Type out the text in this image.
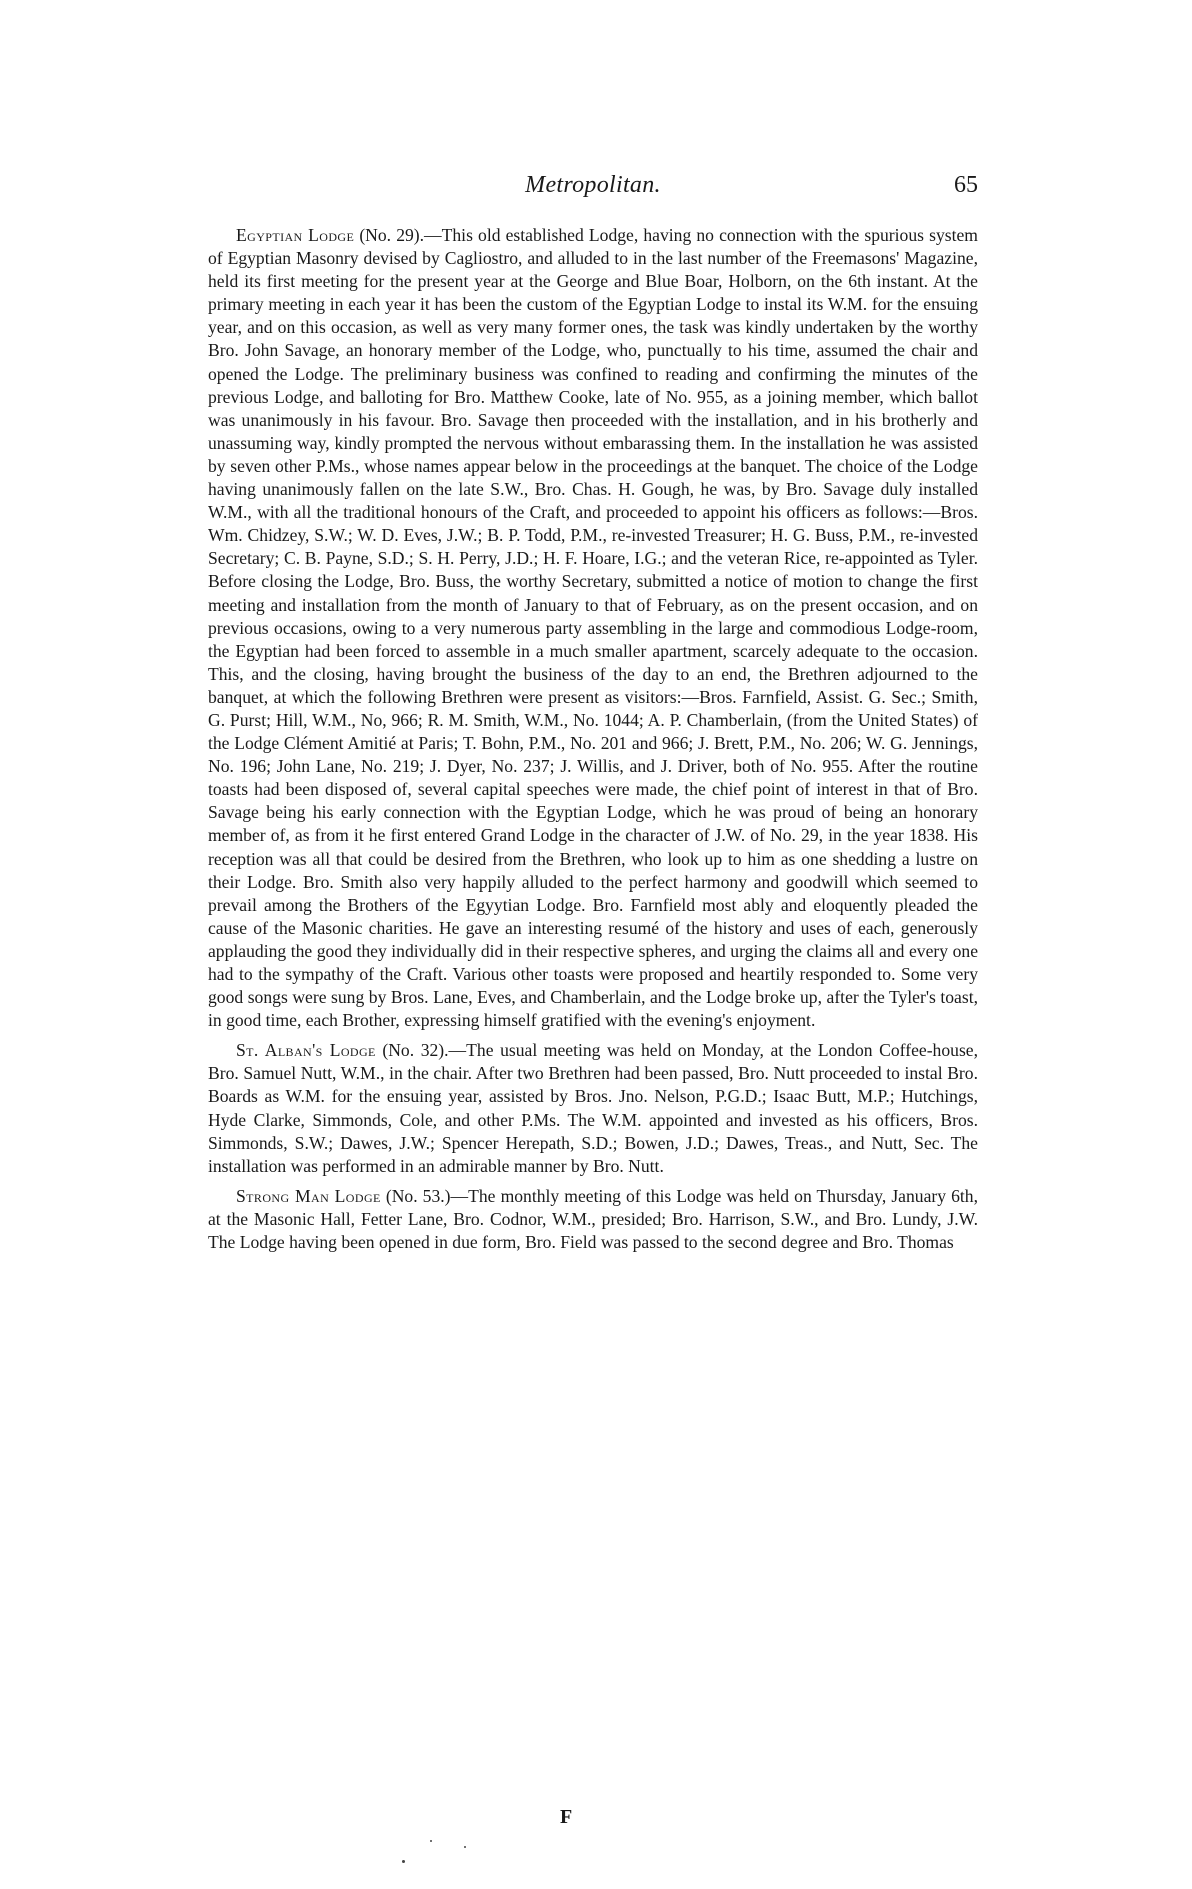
Metropolitan.	65

Egyptian Lodge (No. 29).—This old established Lodge, having no connection with the spurious system of Egyptian Masonry devised by Cagliostro, and alluded to in the last number of the Freemasons' Magazine, held its first meeting for the present year at the George and Blue Boar, Holborn, on the 6th instant. At the primary meeting in each year it has been the custom of the Egyptian Lodge to instal its W.M. for the ensuing year, and on this occasion, as well as very many former ones, the task was kindly undertaken by the worthy Bro. John Savage, an honorary member of the Lodge, who, punctually to his time, assumed the chair and opened the Lodge. The preliminary business was confined to reading and confirming the minutes of the previous Lodge, and balloting for Bro. Matthew Cooke, late of No. 955, as a joining member, which ballot was unanimously in his favour. Bro. Savage then proceeded with the installation, and in his brotherly and unassuming way, kindly prompted the nervous without embarassing them. In the installation he was assisted by seven other P.Ms., whose names appear below in the proceedings at the banquet. The choice of the Lodge having unanimously fallen on the late S.W., Bro. Chas. H. Gough, he was, by Bro. Savage duly installed W.M., with all the traditional honours of the Craft, and proceeded to appoint his officers as follows:—Bros. Wm. Chidzey, S.W.; W. D. Eves, J.W.; B. P. Todd, P.M., re-invested Treasurer; H. G. Buss, P.M., re-invested Secretary; C. B. Payne, S.D.; S. H. Perry, J.D.; H. F. Hoare, I.G.; and the veteran Rice, re-appointed as Tyler. Before closing the Lodge, Bro. Buss, the worthy Secretary, submitted a notice of motion to change the first meeting and installation from the month of January to that of February, as on the present occasion, and on previous occasions, owing to a very numerous party assembling in the large and commodious Lodge-room, the Egyptian had been forced to assemble in a much smaller apartment, scarcely adequate to the occasion. This, and the closing, having brought the business of the day to an end, the Brethren adjourned to the banquet, at which the following Brethren were present as visitors:—Bros. Farnfield, Assist. G. Sec.; Smith, G. Purst; Hill, W.M., No, 966; R. M. Smith, W.M., No. 1044; A. P. Chamberlain, (from the United States) of the Lodge Clément Amitié at Paris; T. Bohn, P.M., No. 201 and 966; J. Brett, P.M., No. 206; W. G. Jennings, No. 196; John Lane, No. 219; J. Dyer, No. 237; J. Willis, and J. Driver, both of No. 955. After the routine toasts had been disposed of, several capital speeches were made, the chief point of interest in that of Bro. Savage being his early connection with the Egyptian Lodge, which he was proud of being an honorary member of, as from it he first entered Grand Lodge in the character of J.W. of No. 29, in the year 1838. His reception was all that could be desired from the Brethren, who look up to him as one shedding a lustre on their Lodge. Bro. Smith also very happily alluded to the perfect harmony and goodwill which seemed to prevail among the Brothers of the Egyytian Lodge. Bro. Farnfield most ably and eloquently pleaded the cause of the Masonic charities. He gave an interesting resumé of the history and uses of each, generously applauding the good they individually did in their respective spheres, and urging the claims all and every one had to the sympathy of the Craft. Various other toasts were proposed and heartily responded to. Some very good songs were sung by Bros. Lane, Eves, and Chamberlain, and the Lodge broke up, after the Tyler's toast, in good time, each Brother, expressing himself gratified with the evening's enjoyment.

St. Alban's Lodge (No. 32).—The usual meeting was held on Monday, at the London Coffee-house, Bro. Samuel Nutt, W.M., in the chair. After two Brethren had been passed, Bro. Nutt proceeded to instal Bro. Boards as W.M. for the ensuing year, assisted by Bros. Jno. Nelson, P.G.D.; Isaac Butt, M.P.; Hutchings, Hyde Clarke, Simmonds, Cole, and other P.Ms. The W.M. appointed and invested as his officers, Bros. Simmonds, S.W.; Dawes, J.W.; Spencer Herepath, S.D.; Bowen, J.D.; Dawes, Treas., and Nutt, Sec. The installation was performed in an admirable manner by Bro. Nutt.

Strong Man Lodge (No. 53.)—The monthly meeting of this Lodge was held on Thursday, January 6th, at the Masonic Hall, Fetter Lane, Bro. Codnor, W.M., presided; Bro. Harrison, S.W., and Bro. Lundy, J.W. The Lodge having been opened in due form, Bro. Field was passed to the second degree and Bro. Thomas

F
